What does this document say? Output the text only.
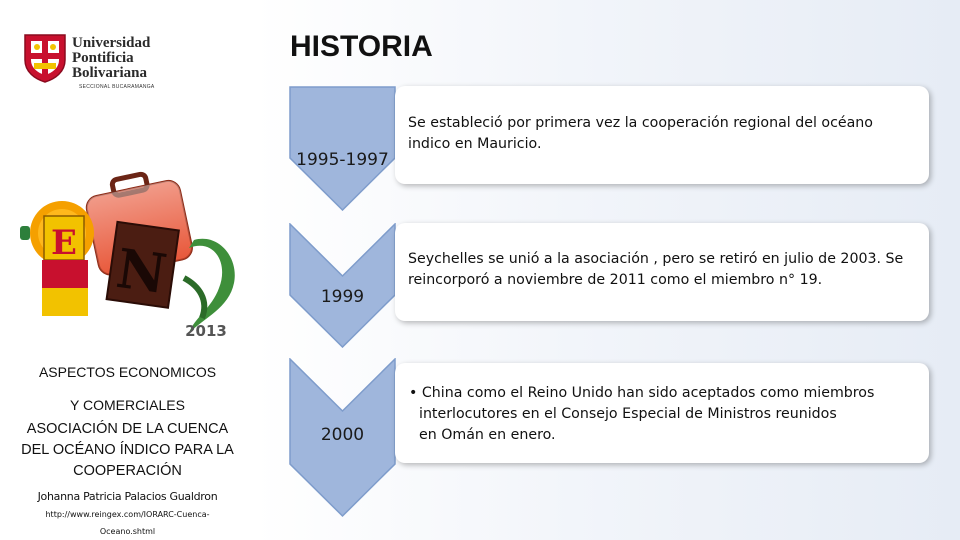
Universidad
Pontificia
Bolivariana
SECCIONAL BUCARAMANGA
E N
2013
ASPECTOS ECONOMICOS
Y COMERCIALES
ASOCIACIÓN DE LA CUENCA DEL OCÉANO ÍNDICO PARA LA COOPERACIÓN
Johanna Patricia Palacios Gualdron
http://www.reingex.com/IORARC-Cuenca-
Oceano.shtml
HISTORIA
1995-1997
1999
2000
Se estableció por primera vez la cooperación regional del océano indico en Mauricio.
Seychelles se unió a la asociación , pero se retiró en julio de 2003. Se reincorporó a noviembre de 2011 como el miembro n° 19.
• China como el Reino Unido han sido aceptados como miembros
interlocutores en el Consejo Especial de Ministros reunidos
en Omán en enero.
